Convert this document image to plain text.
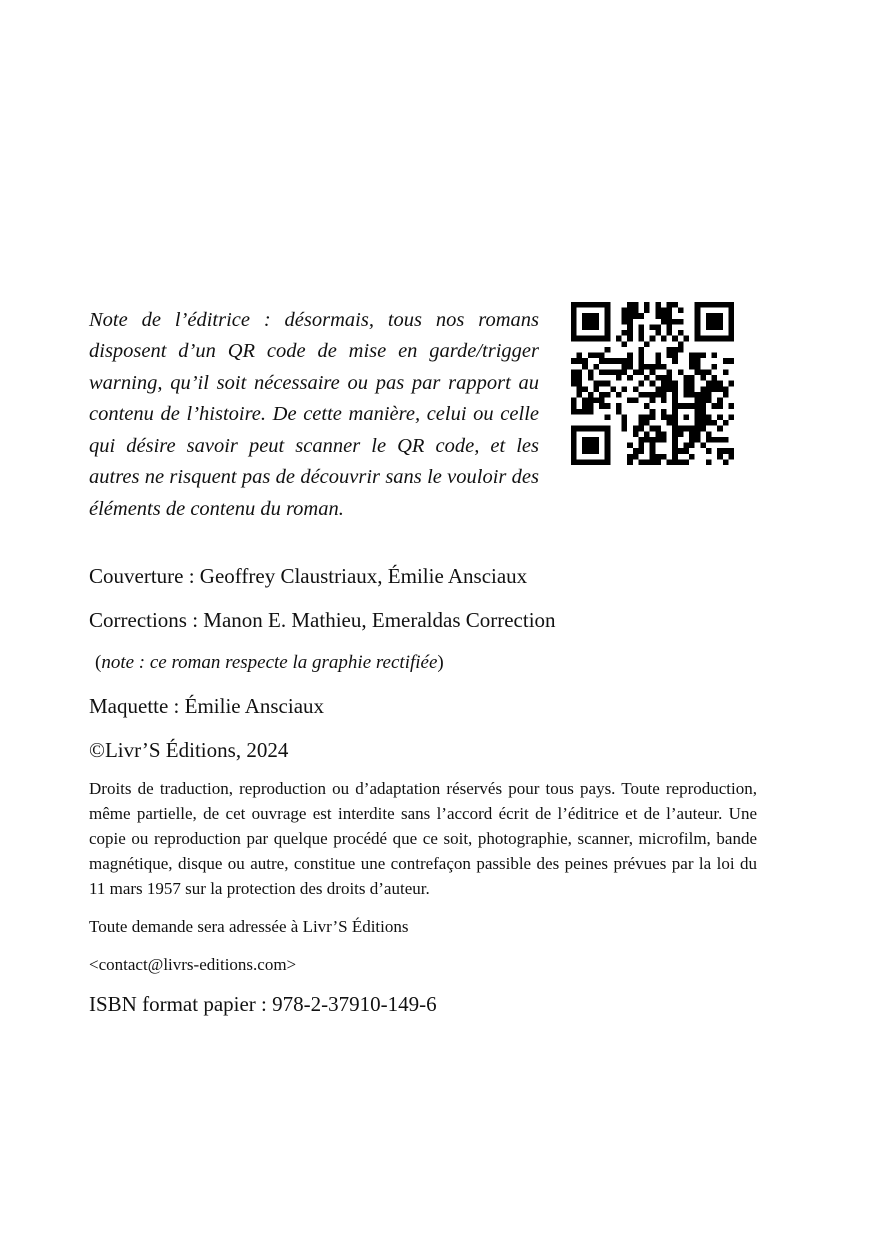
Note de l’éditrice : désormais, tous nos romans disposent d’un QR code de mise en garde/trigger warning, qu’il soit nécessaire ou pas par rapport au contenu de l’histoire. De cette manière, celui ou celle qui désire savoir peut scanner le QR code, et les autres ne risquent pas de découvrir sans le vouloir des éléments de contenu du roman.

Couverture : Geoffrey Claustriaux, Émilie Ansciaux

Corrections : Manon E. Mathieu, Emeraldas Correction

(note : ce roman respecte la graphie rectifiée)

Maquette : Émilie Ansciaux

©Livr’S Éditions, 2024

Droits de traduction, reproduction ou d’adaptation réservés pour tous pays. Toute reproduction, même partielle, de cet ouvrage est interdite sans l’accord écrit de l’éditrice et de l’auteur. Une copie ou reproduction par quelque procédé que ce soit, photographie, scanner, microfilm, bande magnétique, disque ou autre, constitue une contrefaçon passible des peines prévues par la loi du 11 mars 1957 sur la protection des droits d’auteur.

Toute demande sera adressée à Livr’S Éditions

<contact@livrs-editions.com>

ISBN format papier : 978-2-37910-149-6
